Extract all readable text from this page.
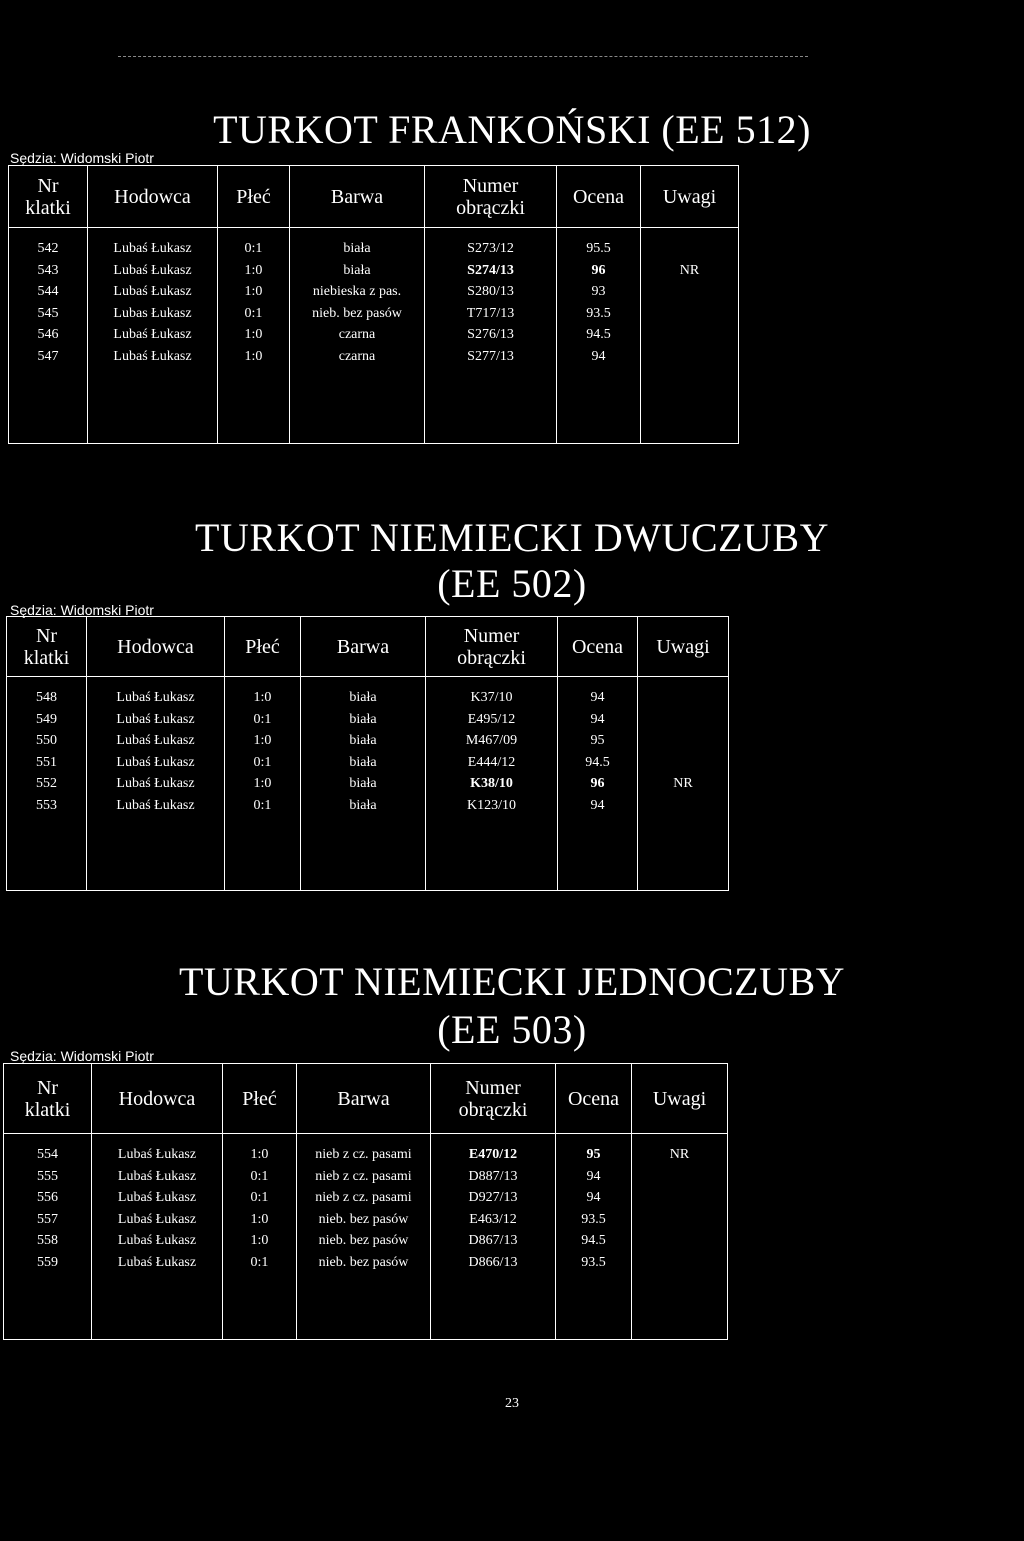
TURKOT FRANKOŃSKI (EE 512)
Sędzia: Widomski Piotr
Nr
klatki	Hodowca	Płeć	Barwa	Numer
obrączki	Ocena	Uwagi

542	Lubaś Łukasz	0:1	biała	S273/12	95.5	
543	Lubaś Łukasz	1:0	biała	S274/13	96	NR
544	Lubaś Łukasz	1:0	niebieska z pas.	S280/13	93	
545	Lubas Łukasz	0:1	nieb. bez pasów	T717/13	93.5	
546	Lubaś Łukasz	1:0	czarna	S276/13	94.5	
547	Lubaś Łukasz	1:0	czarna	S277/13	94	

TURKOT NIEMIECKI DWUCZUBY
(EE 502)
Sędzia: Widomski Piotr
Nr
klatki	Hodowca	Płeć	Barwa	Numer
obrączki	Ocena	Uwagi

548	Lubaś Łukasz	1:0	biała	K37/10	94	
549	Lubaś Łukasz	0:1	biała	E495/12	94	
550	Lubaś Łukasz	1:0	biała	M467/09	95	
551	Lubaś Łukasz	0:1	biała	E444/12	94.5	
552	Lubaś Łukasz	1:0	biała	K38/10	96	NR
553	Lubaś Łukasz	0:1	biała	K123/10	94	

TURKOT NIEMIECKI JEDNOCZUBY
(EE 503)
Sędzia: Widomski Piotr
Nr
klatki	Hodowca	Płeć	Barwa	Numer
obrączki	Ocena	Uwagi

554	Lubaś Łukasz	1:0	nieb z cz. pasami	E470/12	95	NR
555	Lubaś Łukasz	0:1	nieb z cz. pasami	D887/13	94	
556	Lubaś Łukasz	0:1	nieb z cz. pasami	D927/13	94	
557	Lubaś Łukasz	1:0	nieb. bez pasów	E463/12	93.5	
558	Lubaś Łukasz	1:0	nieb. bez pasów	D867/13	94.5	
559	Lubaś Łukasz	0:1	nieb. bez pasów	D866/13	93.5	

23
